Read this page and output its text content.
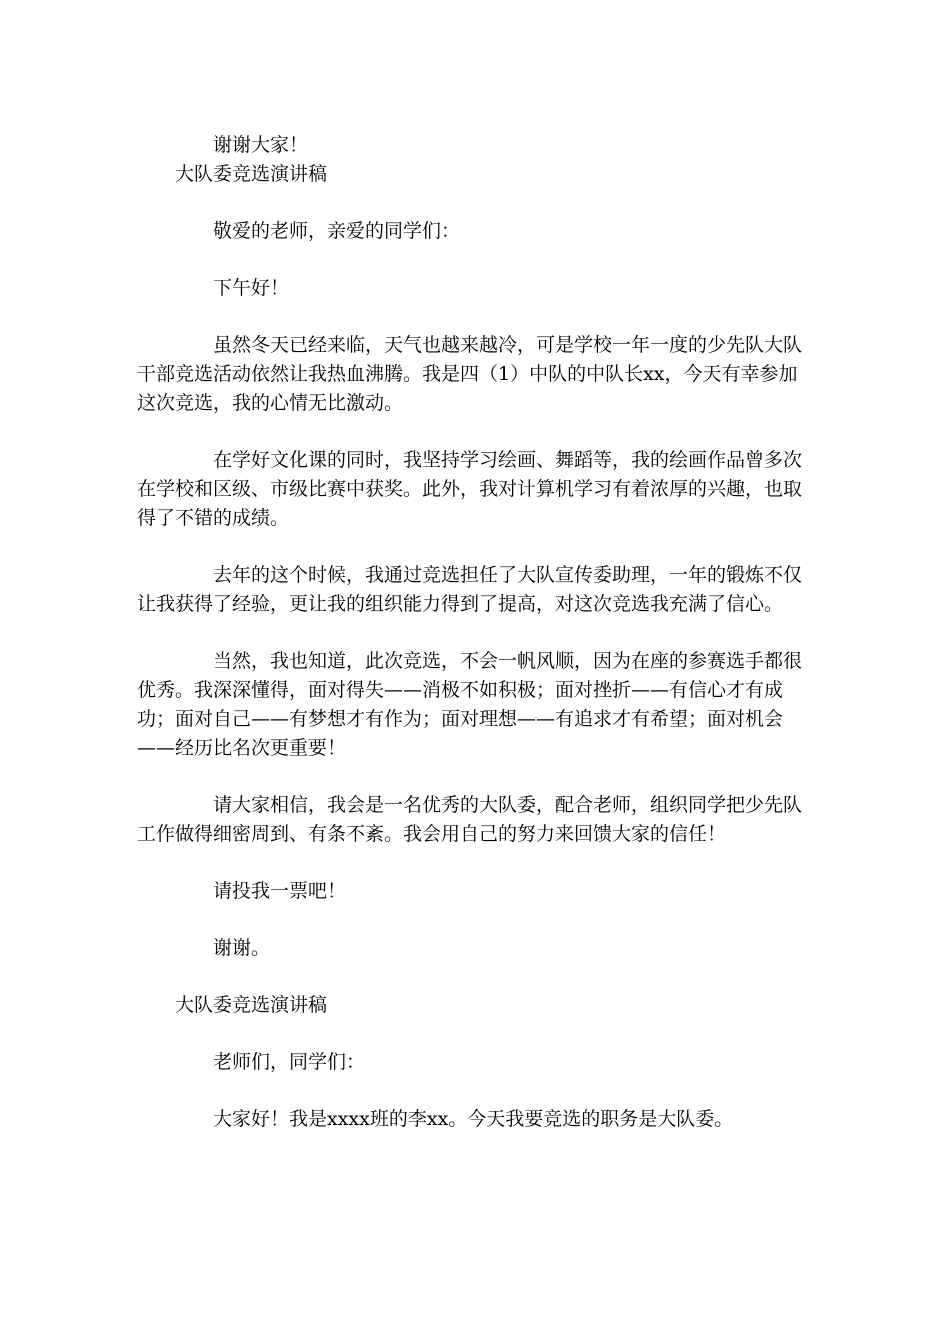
谢谢大家！

大队委竞选演讲稿

敬爱的老师，亲爱的同学们：

下午好！

虽然冬天已经来临，天气也越来越冷，可是学校一年一度的少先队大队干部竞选活动依然让我热血沸腾。我是四（1）中队的中队长xx，今天有幸参加这次竞选，我的心情无比激动。

在学好文化课的同时，我坚持学习绘画、舞蹈等，我的绘画作品曾多次在学校和区级、市级比赛中获奖。此外，我对计算机学习有着浓厚的兴趣，也取得了不错的成绩。

去年的这个时候，我通过竞选担任了大队宣传委助理，一年的锻炼不仅让我获得了经验，更让我的组织能力得到了提高，对这次竞选我充满了信心。

当然，我也知道，此次竞选，不会一帆风顺，因为在座的参赛选手都很优秀。我深深懂得，面对得失——消极不如积极；面对挫折——有信心才有成功；面对自己——有梦想才有作为；面对理想——有追求才有希望；面对机会——经历比名次更重要！

请大家相信，我会是一名优秀的大队委，配合老师，组织同学把少先队工作做得细密周到、有条不紊。我会用自己的努力来回馈大家的信任！

请投我一票吧！

谢谢。

大队委竞选演讲稿

老师们，同学们：

大家好！我是xxxx班的李xx。今天我要竞选的职务是大队委。
